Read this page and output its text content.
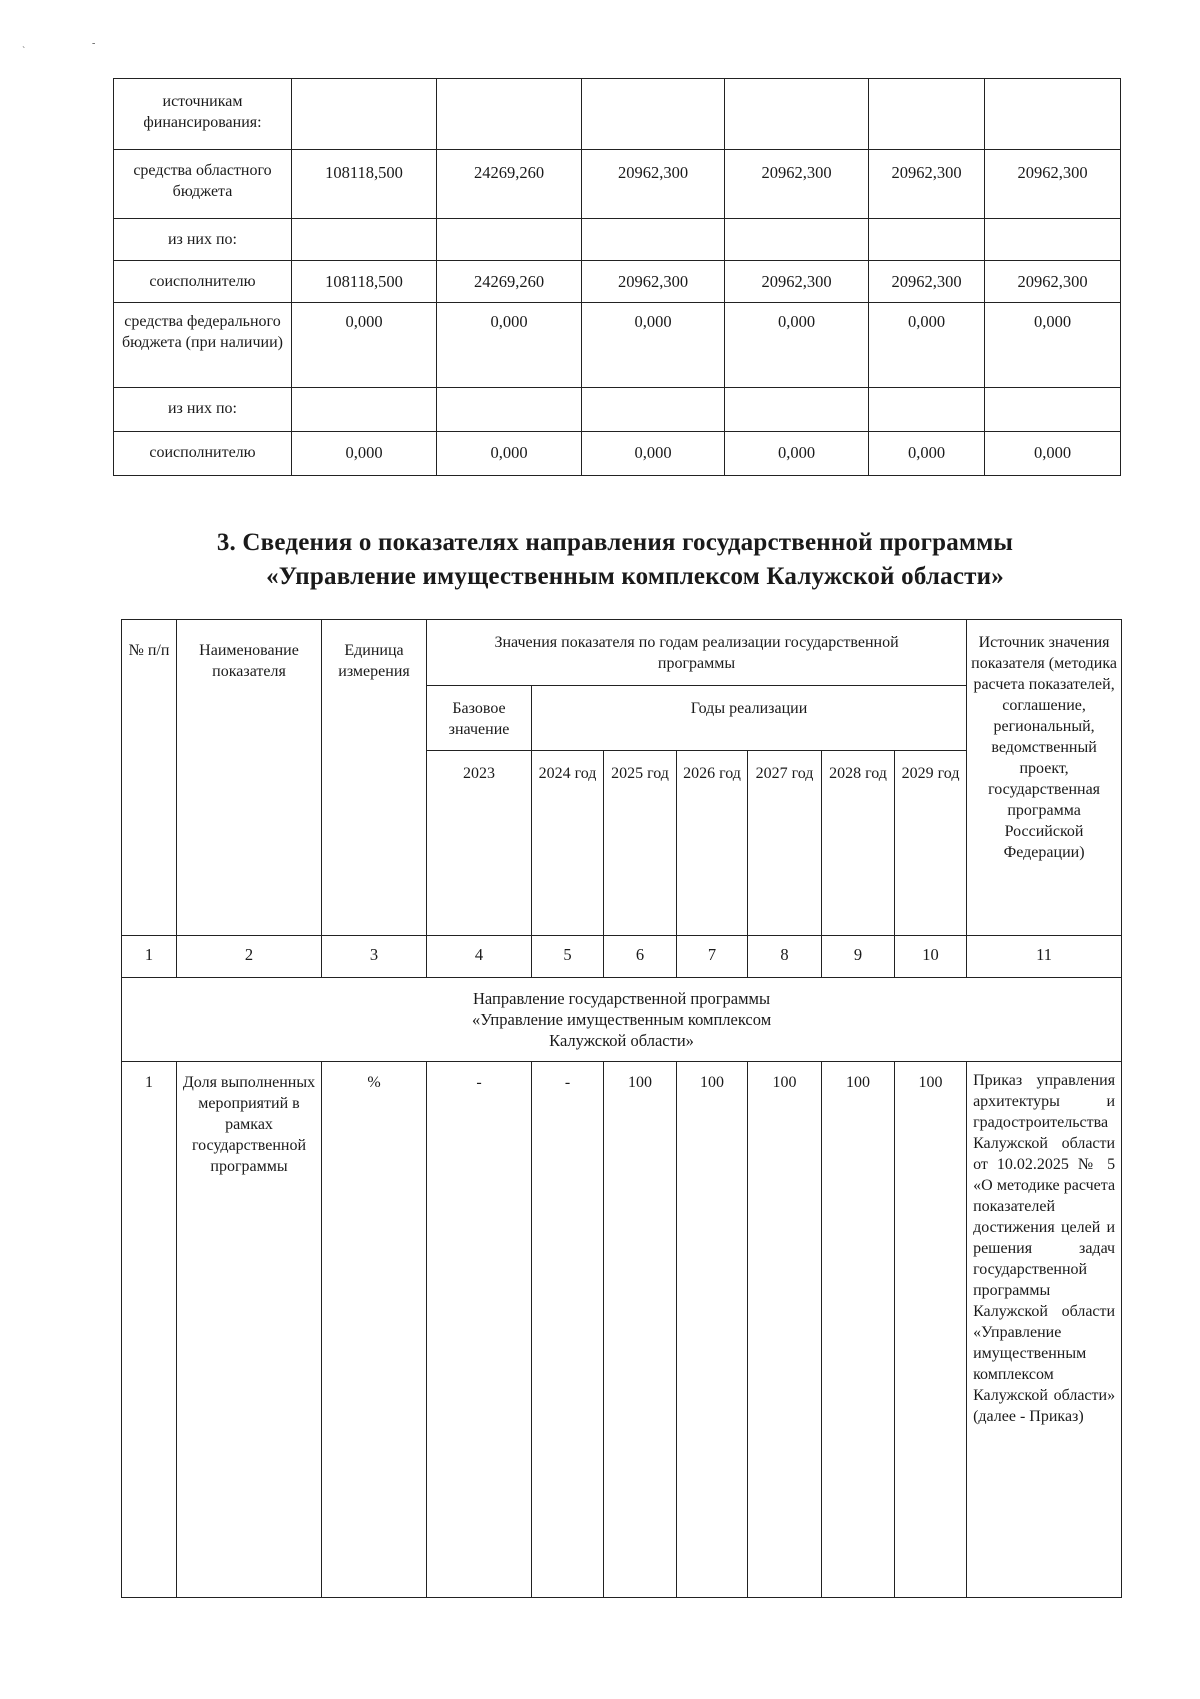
`
-
источникам финансирования:						
средства областного бюджета	108118,500	24269,260	20962,300	20962,300	20962,300	20962,300
из них по:						
соисполнителю	108118,500	24269,260	20962,300	20962,300	20962,300	20962,300
средства федерального бюджета (при наличии)	0,000	0,000	0,000	0,000	0,000	0,000
из них по:						
соисполнителю	0,000	0,000	0,000	0,000	0,000	0,000
3. Сведения о показателях направления государственной программы
«Управление имущественным комплексом Калужской области»
№ п/п	Наименование показателя	Единица измерения	Значения показателя по годам реализации государственной программы							Источник значения показателя (методика расчета показателей, соглашение, региональный, ведомственный проект, государственная программа Российской Федерации)
			Базовое значение	Годы реализации						
			2023	2024 год	2025 год	2026 год	2027 год	2028 год	2029 год	
1	2	3	4	5	6	7	8	9	10	11
Направление государственной программы «Управление имущественным комплексом Калужской области»										
1	Доля выполненных мероприятий в рамках государственной программы	%	-	-	100	100	100	100	100	Приказ управления архитектуры и градостроительства Калужской области от 10.02.2025 № 5 «О методике расчета показателей достижения целей и решения задач государственной программы Калужской области «Управление имущественным комплексом Калужской области» (далее - Приказ)
